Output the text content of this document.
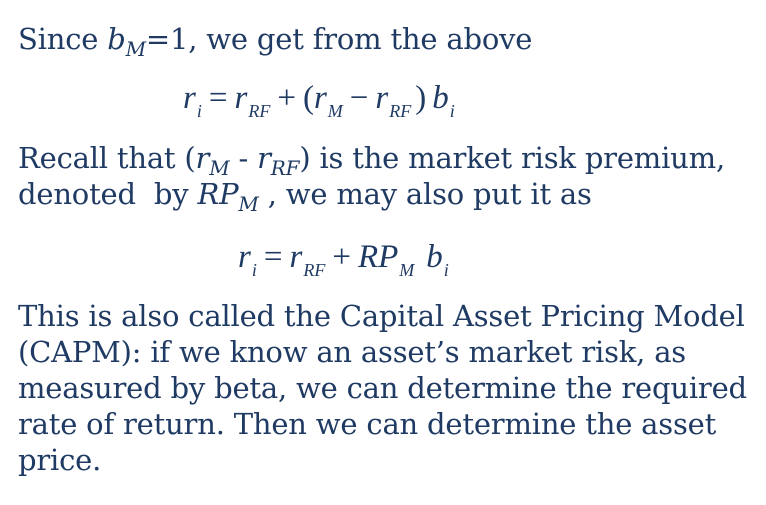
Since $b_M=1$, we get from the above
$r_i = r_{RF} + (r_M - r_{RF}$ ) $b_i$
Recall that $(r_M - r_{RF})$ is the market risk premium,
denoted  by $RP_M$ , we may also put it as
$r_i = r_{RF} + RP_M$ $b_i$
This is also called the Capital Asset Pricing Model
(CAPM): if we know an asset’s market risk, as
measured by beta, we can determine the required
rate of return. Then we can determine the asset
price.
